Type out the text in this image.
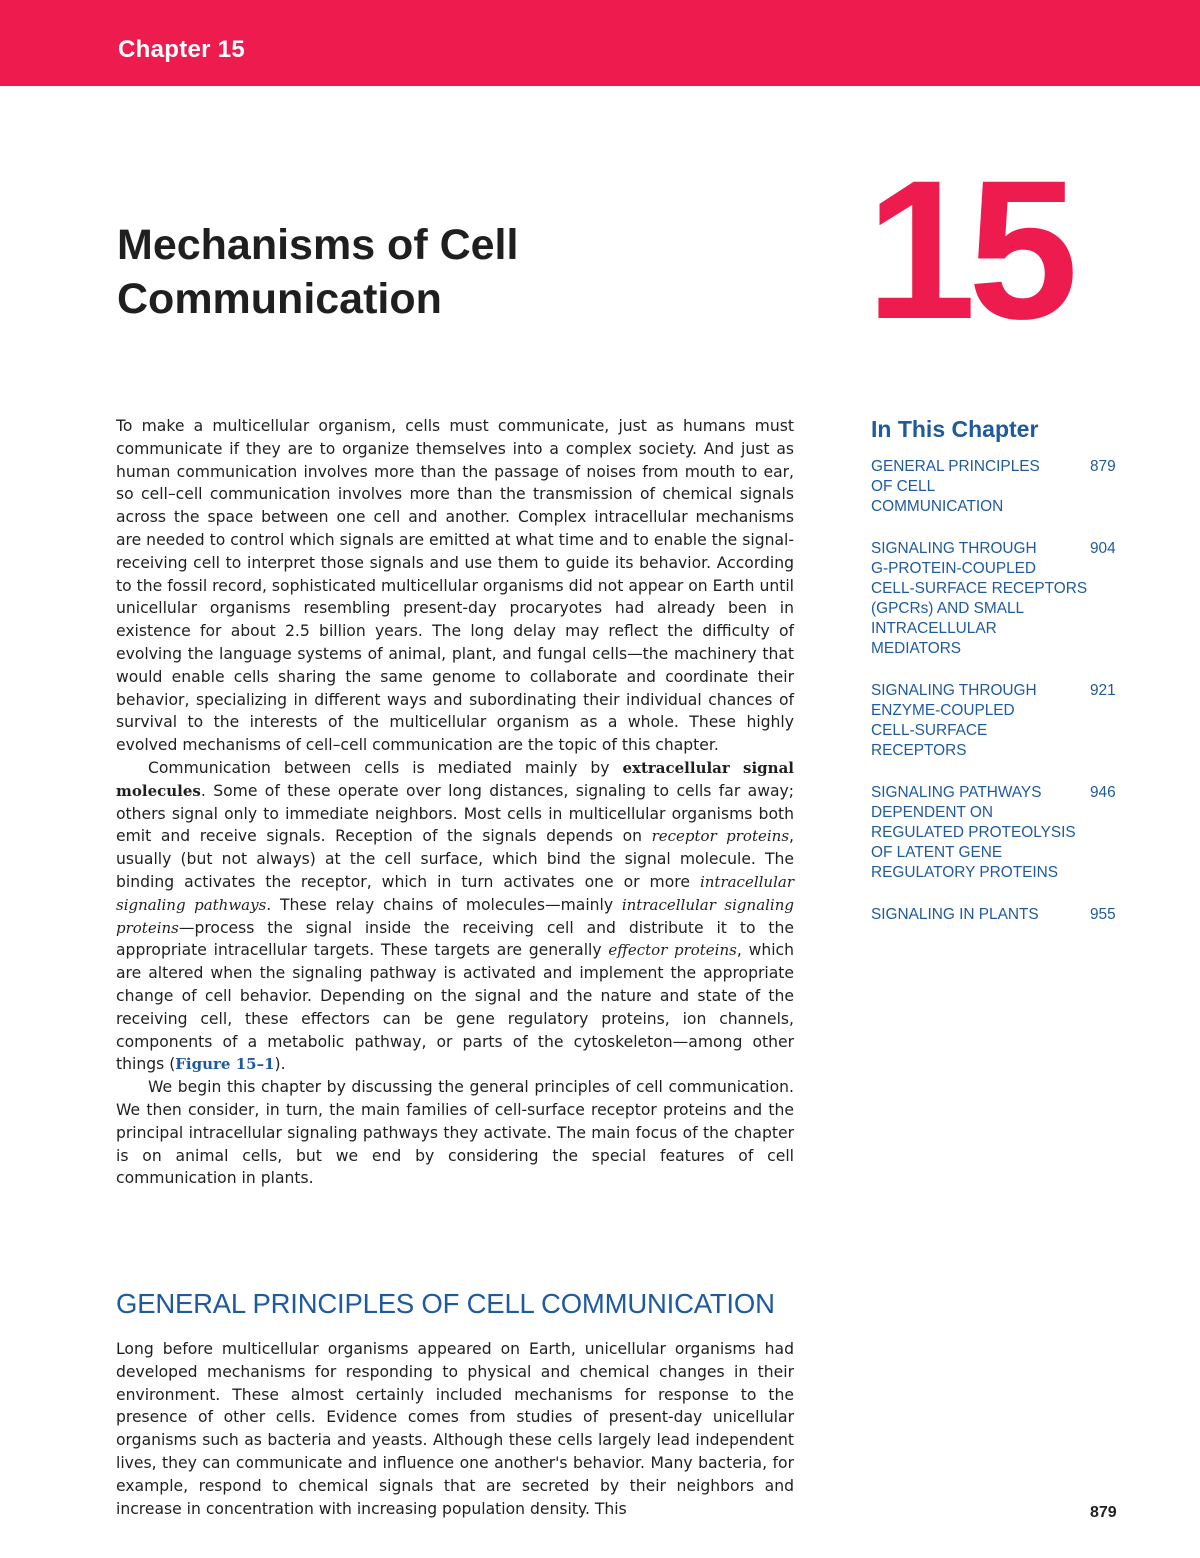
Chapter 15
Mechanisms of Cell
Communication	15

To make a multicellular organism, cells must communicate, just as humans must communicate if they are to organize themselves into a complex society. And just as human communication involves more than the passage of noises from mouth to ear, so cell–cell communication involves more than the transmission of chemical signals across the space between one cell and another. Complex intracellular mechanisms are needed to control which signals are emitted at what time and to enable the signal-receiving cell to interpret those signals and use them to guide its behavior. According to the fossil record, sophisticated multicellular organisms did not appear on Earth until unicellular organisms resembling present-day procaryotes had already been in existence for about 2.5 billion years. The long delay may reflect the difficulty of evolving the language systems of animal, plant, and fungal cells—the machinery that would enable cells sharing the same genome to collaborate and coordinate their behavior, specializing in different ways and subordinating their individual chances of survival to the interests of the multicellular organism as a whole. These highly evolved mechanisms of cell–cell communication are the topic of this chapter.

Communication between cells is mediated mainly by extracellular signal molecules. Some of these operate over long distances, signaling to cells far away; others signal only to immediate neighbors. Most cells in multicellular organisms both emit and receive signals. Reception of the signals depends on receptor proteins, usually (but not always) at the cell surface, which bind the signal molecule. The binding activates the receptor, which in turn activates one or more intracellular signaling pathways. These relay chains of molecules—mainly intracellular signaling proteins—process the signal inside the receiving cell and distribute it to the appropriate intracellular targets. These targets are generally effector proteins, which are altered when the signaling pathway is activated and implement the appropriate change of cell behavior. Depending on the signal and the nature and state of the receiving cell, these effectors can be gene regulatory proteins, ion channels, components of a metabolic pathway, or parts of the cytoskeleton—among other things (Figure 15–1).

We begin this chapter by discussing the general principles of cell communication. We then consider, in turn, the main families of cell-surface receptor proteins and the principal intracellular signaling pathways they activate. The main focus of the chapter is on animal cells, but we end by considering the special features of cell communication in plants.

GENERAL PRINCIPLES OF CELL COMMUNICATION

Long before multicellular organisms appeared on Earth, unicellular organisms had developed mechanisms for responding to physical and chemical changes in their environment. These almost certainly included mechanisms for response to the presence of other cells. Evidence comes from studies of present-day unicellular organisms such as bacteria and yeasts. Although these cells largely lead independent lives, they can communicate and influence one another's behavior. Many bacteria, for example, respond to chemical signals that are secreted by their neighbors and increase in concentration with increasing population density. This

In This Chapter
GENERAL PRINCIPLES
OF CELL
COMMUNICATION
879
SIGNALING THROUGH
G-PROTEIN-COUPLED
CELL-SURFACE RECEPTORS
(GPCRs) AND SMALL
INTRACELLULAR
MEDIATORS
904
SIGNALING THROUGH
ENZYME-COUPLED
CELL-SURFACE
RECEPTORS
921
SIGNALING PATHWAYS
DEPENDENT ON
REGULATED PROTEOLYSIS
OF LATENT GENE
REGULATORY PROTEINS
946
SIGNALING IN PLANTS	955
879
